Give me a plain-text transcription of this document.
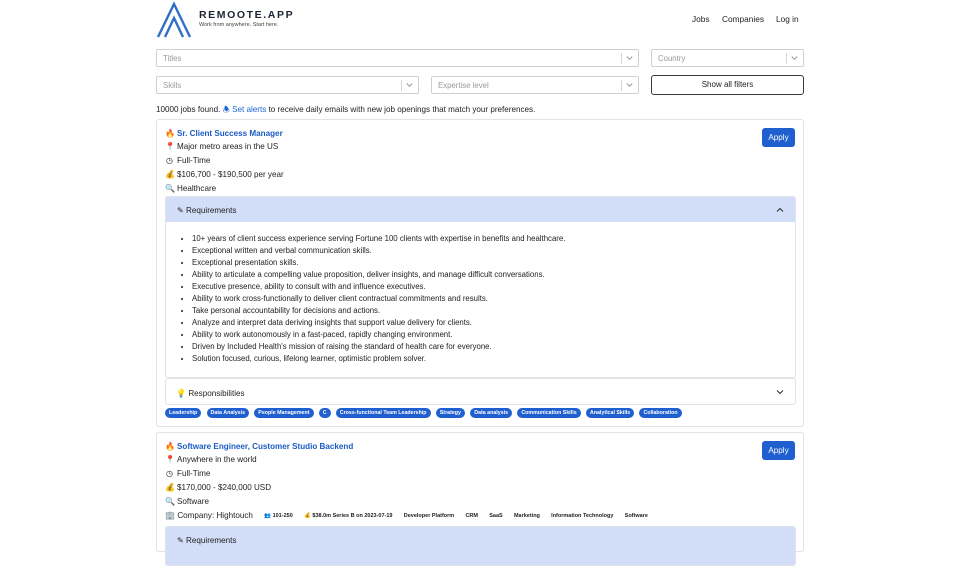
REMOOTE.APP
Work from anywhere. Start here.
Jobs Companies Log in
Titles	Country
Skills	Expertise level	Show all filters
10000 jobs found. 🕭 Set alerts to receive daily emails with new job openings that match your preferences.
🔥 Sr. Client Success Manager	Apply
📍 Major metro areas in the US
◷ Full-Time
💰 $106,700 - $190,500 per year
🔍 Healthcare
✎ Requirements
• 10+ years of client success experience serving Fortune 100 clients with expertise in benefits and healthcare.
• Exceptional written and verbal communication skills.
• Exceptional presentation skills.
• Ability to articulate a compelling value proposition, deliver insights, and manage difficult conversations.
• Executive presence, ability to consult with and influence executives.
• Ability to work cross-functionally to deliver client contractual commitments and results.
• Take personal accountability for decisions and actions.
• Analyze and interpret data deriving insights that support value delivery for clients.
• Ability to work autonomously in a fast-paced, rapidly changing environment.
• Driven by Included Health's mission of raising the standard of health care for everyone.
• Solution focused, curious, lifelong learner, optimistic problem solver.
💡 Responsibilities
Leadership Data Analysis People Management C Cross-functional Team Leadership Strategy Data analysis Communication Skills Analytical Skills Collaboration
🔥 Software Engineer, Customer Studio Backend	Apply
📍 Anywhere in the world
◷ Full-Time
💰 $170,000 - $240,000 USD
🔍 Software
🏢 Company: Hightouch 👥 101-250 💰 $38.0m Series B on 2023-07-19 Developer Platform CRM SaaS Marketing Information Technology Software
✎ Requirements
